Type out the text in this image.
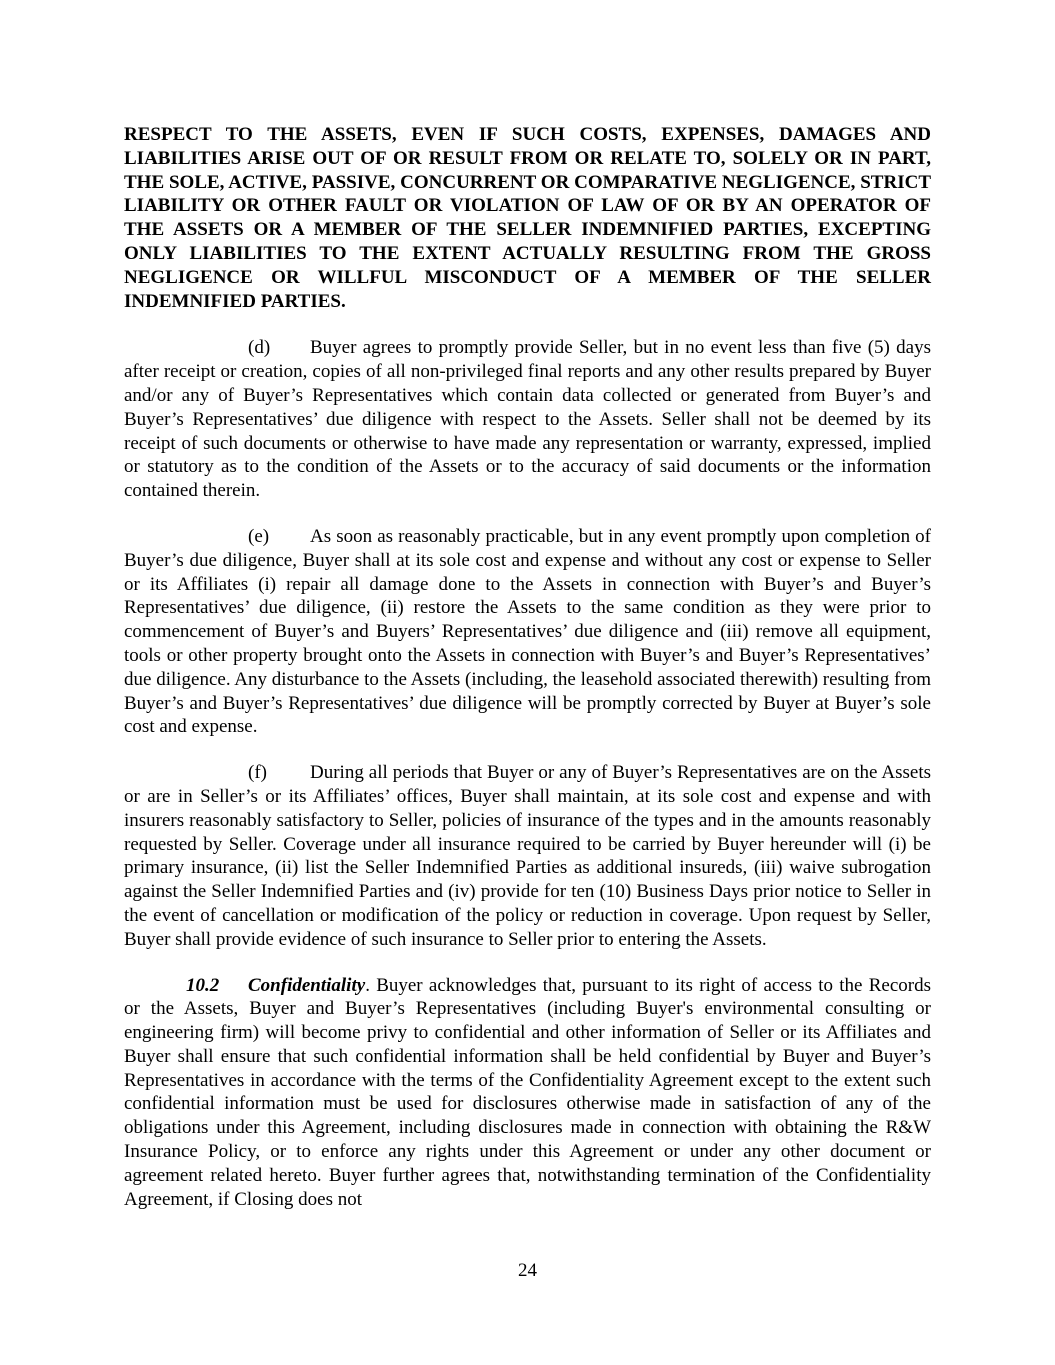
RESPECT TO THE ASSETS, EVEN IF SUCH COSTS, EXPENSES, DAMAGES AND LIABILITIES ARISE OUT OF OR RESULT FROM OR RELATE TO, SOLELY OR IN PART, THE SOLE, ACTIVE, PASSIVE, CONCURRENT OR COMPARATIVE NEGLIGENCE, STRICT LIABILITY OR OTHER FAULT OR VIOLATION OF LAW OF OR BY AN OPERATOR OF THE ASSETS OR A MEMBER OF THE SELLER INDEMNIFIED PARTIES, EXCEPTING ONLY LIABILITIES TO THE EXTENT ACTUALLY RESULTING FROM THE GROSS NEGLIGENCE OR WILLFUL MISCONDUCT OF A MEMBER OF THE SELLER INDEMNIFIED PARTIES.

(d) Buyer agrees to promptly provide Seller, but in no event less than five (5) days after receipt or creation, copies of all non-privileged final reports and any other results prepared by Buyer and/or any of Buyer’s Representatives which contain data collected or generated from Buyer’s and Buyer’s Representatives’ due diligence with respect to the Assets. Seller shall not be deemed by its receipt of such documents or otherwise to have made any representation or warranty, expressed, implied or statutory as to the condition of the Assets or to the accuracy of said documents or the information contained therein.

(e) As soon as reasonably practicable, but in any event promptly upon completion of Buyer’s due diligence, Buyer shall at its sole cost and expense and without any cost or expense to Seller or its Affiliates (i) repair all damage done to the Assets in connection with Buyer’s and Buyer’s Representatives’ due diligence, (ii) restore the Assets to the same condition as they were prior to commencement of Buyer’s and Buyers’ Representatives’ due diligence and (iii) remove all equipment, tools or other property brought onto the Assets in connection with Buyer’s and Buyer’s Representatives’ due diligence. Any disturbance to the Assets (including, the leasehold associated therewith) resulting from Buyer’s and Buyer’s Representatives’ due diligence will be promptly corrected by Buyer at Buyer’s sole cost and expense.

(f) During all periods that Buyer or any of Buyer’s Representatives are on the Assets or are in Seller’s or its Affiliates’ offices, Buyer shall maintain, at its sole cost and expense and with insurers reasonably satisfactory to Seller, policies of insurance of the types and in the amounts reasonably requested by Seller. Coverage under all insurance required to be carried by Buyer hereunder will (i) be primary insurance, (ii) list the Seller Indemnified Parties as additional insureds, (iii) waive subrogation against the Seller Indemnified Parties and (iv) provide for ten (10) Business Days prior notice to Seller in the event of cancellation or modification of the policy or reduction in coverage. Upon request by Seller, Buyer shall provide evidence of such insurance to Seller prior to entering the Assets.

10.2 Confidentiality. Buyer acknowledges that, pursuant to its right of access to the Records or the Assets, Buyer and Buyer’s Representatives (including Buyer's environmental consulting or engineering firm) will become privy to confidential and other information of Seller or its Affiliates and Buyer shall ensure that such confidential information shall be held confidential by Buyer and Buyer’s Representatives in accordance with the terms of the Confidentiality Agreement except to the extent such confidential information must be used for disclosures otherwise made in satisfaction of any of the obligations under this Agreement, including disclosures made in connection with obtaining the R&W Insurance Policy, or to enforce any rights under this Agreement or under any other document or agreement related hereto. Buyer further agrees that, notwithstanding termination of the Confidentiality Agreement, if Closing does not

24
